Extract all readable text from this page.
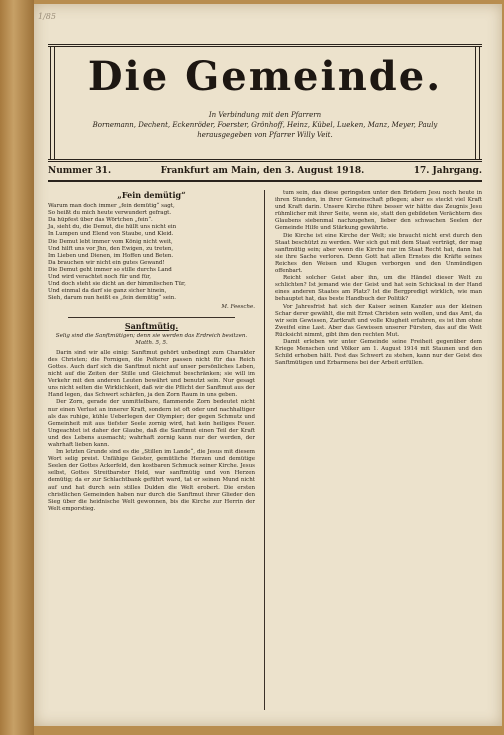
1/85
Die Gemeinde.
In Verbindung mit den Pfarrern
Bornemann, Dechent, Eckenröder, Foerster, Grönhoff, Heinz, Kübel, Lueken, Manz, Meyer, Pauly
herausgegeben von Pfarrer Willy Veit.
Nummer 31.	Frankfurt am Main, den 3. August 1918.	17. Jahrgang.
„Fein demütig“

Warum man doch immer „fein demütig“ sagt,

So heißt du mich heute verwundert gefragt.

Da hüpfest über das Wörtchen „fein“.

Ja, sieht du, die Demut, die hüllt uns nicht ein

In Lumpen und Elend von Staube, und Kleid.

Die Demut lebt immer vom König nicht weit,

Und hilft uns vor Jhn, den Ewigen, zu treten,

Im Lieben und Dienen, im Hoffen und Beten.

Da brauchen wir nicht ein gutes Gewand!

Die Demut geht immer so stille durchs Land

Und wird verachtet noch für und für,

Und doch steht sie dicht an der himmlischen Tür,

Und einmal da darf sie ganz sicher hinein,

Sieh, darum nun heißt es „fein demütig“ sein.

M. Feesche.
Sanftmütig.
Selig sind die Sanftmütigen; denn sie werden das Erdreich besitzen. Matth. 5, 5.

Darin sind wir alle einig: Sanftmut gehört unbedingt zum Charakter des Christen; die Fornigen, die Polterer passen nicht für das Reich Gottes. Auch darf sich die Sanftmut nicht auf unser persönliches Leben, nicht auf die Zeiten der Stille und Gleichmut beschränken; sie will im Verkehr mit den anderen Leuten bewährt und benutzt sein. Nur gesagt uns nicht selten die Wirklichkeit, daß wir die Pflicht der Sanftmut aus der Hand legen, das Schwert schärfen, ja den Zorn Raum in uns geben.

Der Zorn, gerade der unmittelbare, flammende Zorn bedeutet nicht nur einen Verlust an innerer Kraft, sondern ist oft oder und nachhaltiger als das ruhige, kühle Ueberlegen der Olympier; der gegen Schmutz und Gemeinheit mit aus tiefster Seele zornig wird, hat kein heiliges Feuer. Ungeachtet ist daher der Glaube, daß die Sanftmut einen Teil der Kraft und des Lebens ausmacht; wahrhaft zornig kann nur der werden, der wahrhaft lieben kann.

Im letzten Grunde sind es die „Stillen im Lande“, die Jesus mit diesem Wort selig preist. Unfähige Geister, gemütliche Herzen und demütige Seelen der Gottes Ackerfeld, den kostbaren Schmuck seiner Kirche. Jesus selbst, Gottes Streitbarster Held, war sanftmütig und von Herzen demütig; da er zur Schlachtbank geführt ward, tat er seinen Mund nicht auf und hat durch sein stilles Dulden die Welt erobert. Die ersten christlichen Gemeinden haben nur durch die Sanftmut ihrer Glieder den Sieg über die heidnische Welt gewonnen, bis die Kirche zur Herrin der Welt emporstieg.

tum sein, das diese geringsten unter den Brüdern Jesu noch heute in ihren Stunden, in ihrer Gemeinschaft pflegen; aber es steckt viel Kraft und Kraft darin. Unsere Kirche führe besser wir hätte das Zeugnis Jesu rühmlicher mit ihrer Seite, wenn sie, statt den gebildeten Verächtern des Glaubens siebenmal nachzugehen, lieber den schwachen Seelen der Gemeinde Hilfe und Stärkung gewährte.

Die Kirche ist eine Kirche der Welt; sie braucht nicht erst durch den Staat beschützt zu werden. Wer sich gut mit dem Staat verträgt, der mag sanftmütig sein; aber wenn die Kirche nur im Staat Recht hat, dann hat sie ihre Sache verloren. Denn Gott hat allen Ernstes die Kräfte seines Reiches den Weisen und Klugen verborgen und den Unmündigen offenbart.

Reicht solcher Geist aber ihn, um die Händel dieser Welt zu schlichten? Ist jemand wie der Geist und hat sein Schicksal in der Hand eines anderen Staates am Platz? Ist die Bergpredigt wirklich, wie man behauptet hat, das beste Handbuch der Politik?

Vor Jahresfrist hat sich der Kaiser seinen Kanzler aus der kleinen Schar derer gewählt, die mit Ernst Christen sein wollen, und das Amt, da wir sein Gewissen, Zartkraft und volle Klugheit erfahren, es ist ihm ohne Zweifel eine Last. Aber das Gewissen unserer Fürsten, das auf die Welt Rücksicht nimmt, gibt ihm den rechten Mut.

Damit erleben wir unter Gemeinde seine Freiheit gegenüber dem Kriege Menschen und Völker am 1. August 1914 mit Staunen und den Schild erhoben hält. Fest das Schwert zu stehen, kann nur der Geist des Sanftmütigen und Erbarmens bei der Arbeit erfüllen.
